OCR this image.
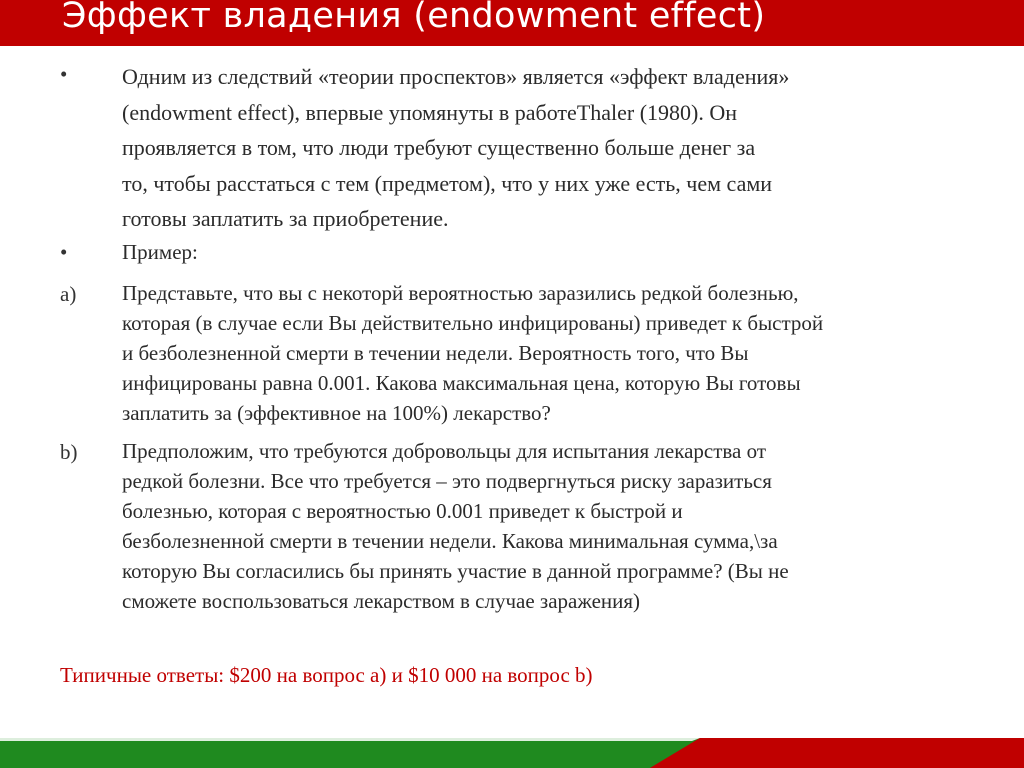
Эффект владения (endowment effect)
• Одним из следствий «теории проспектов» является «эффект владения»
(endowment effect), впервые упомянуты в работеThaler (1980). Он
проявляется в том, что люди требуют существенно больше денег за
то, чтобы расстаться с тем (предметом), что у них уже есть, чем сами
готовы заплатить за приобретение.
•	Пример:
a) Представьте, что вы с некоторй вероятностью заразились редкой болезнью,
которая (в случае если Вы действительно инфицированы) приведет к быстрой
и безболезненной смерти в течении недели. Вероятность того, что Вы
инфицированы равна 0.001. Какова максимальная цена, которую Вы готовы
заплатить за (эффективное на 100%) лекарство?
b) Предположим, что требуются добровольцы для испытания лекарства от
редкой болезни. Все что требуется – это подвергнуться риску заразиться
болезнью, которая с вероятностью 0.001 приведет к быстрой и
безболезненной смерти в течении недели. Какова минимальная сумма,\за
которую Вы согласились бы принять участие в данной программе? (Вы не
сможете воспользоваться лекарством в случае заражения)
Типичные ответы: $200 на вопрос a) и $10 000 на вопрос b)
